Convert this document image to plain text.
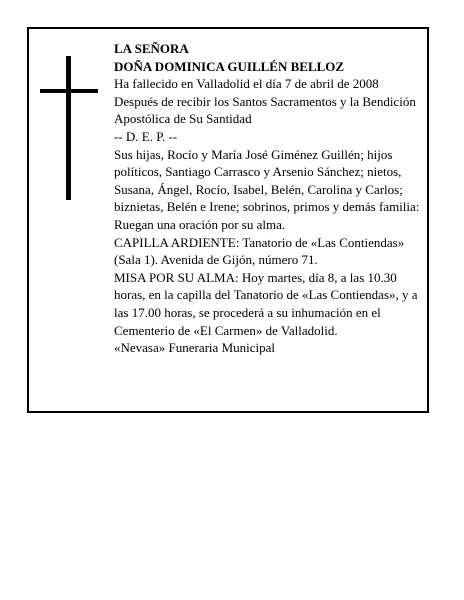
LA SEÑORA

DOÑA DOMINICA GUILLÉN BELLOZ

Ha fallecido en Valladolid el día 7 de abril de 2008

Después de recibir los Santos Sacramentos y la Bendición Apostólica de Su Santidad

-- D. E. P. --

Sus hijas, Rocío y María José Giménez Guillén; hijos políticos, Santiago Carrasco y Arsenio Sánchez; nietos, Susana, Ángel, Rocío, Isabel, Belén, Carolina y Carlos; biznietas, Belén e Irene; sobrinos, primos y demás familia:

Ruegan una oración por su alma.

CAPILLA ARDIENTE: Tanatorio de «Las Contiendas» (Sala 1). Avenida de Gijón, número 71.

MISA POR SU ALMA: Hoy martes, día 8, a las 10.30 horas, en la capilla del Tanatorio de «Las Contiendas», y a las 17.00 horas, se procederá a su inhumación en el Cementerio de «El Carmen» de Valladolid.

«Nevasa» Funeraria Municipal
